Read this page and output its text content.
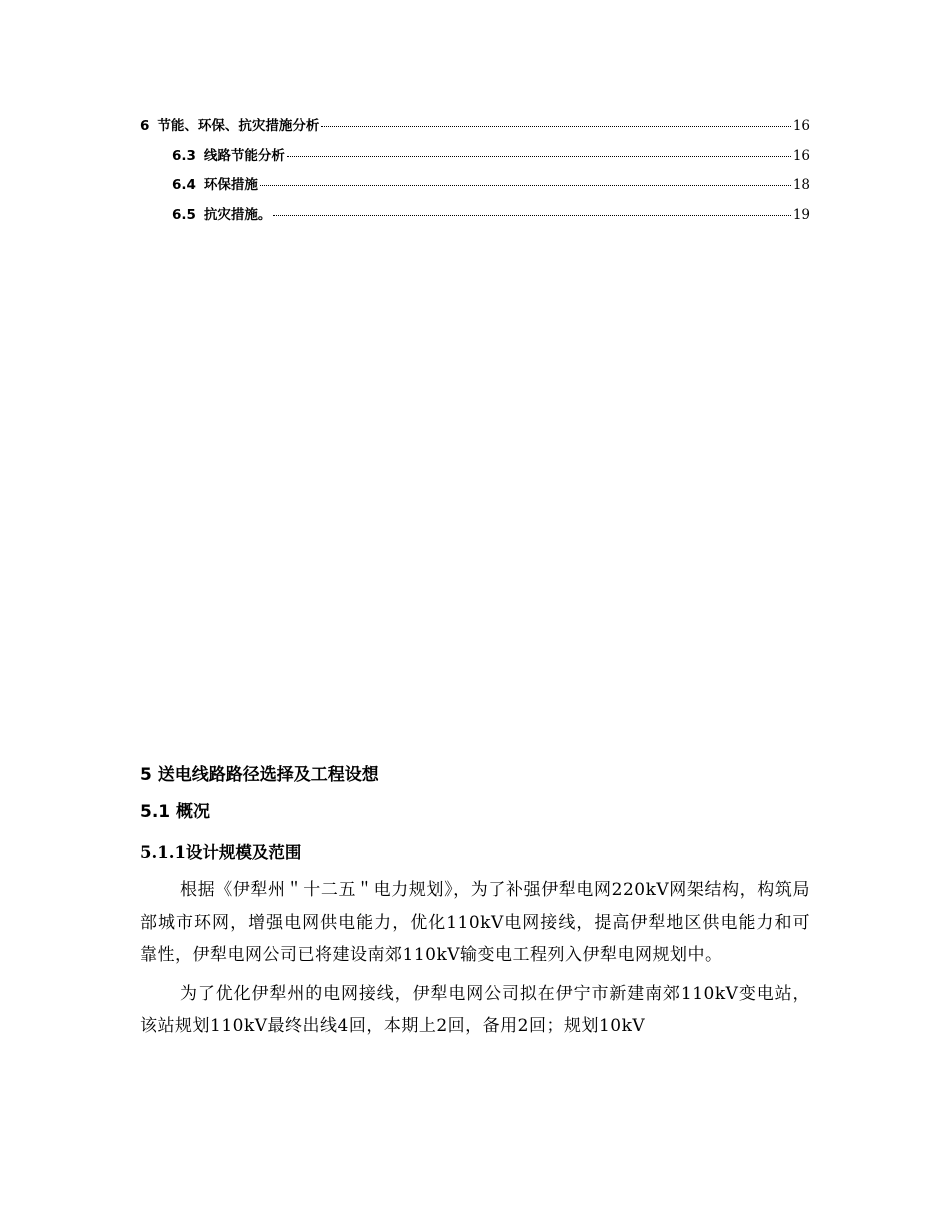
6 节能、环保、抗灾措施分析	16
6.3 线路节能分析	16
6.4 环保措施	18
6.5 抗灾措施。	19
5 送电线路路径选择及工程设想
5.1 概况
5.1.1设计规模及范围

根据《伊犁州＂十二五＂电力规划》，为了补强伊犁电网220kV网架结构，构筑局部城市环网，增强电网供电能力，优化110kV电网接线，提高伊犁地区供电能力和可靠性，伊犁电网公司已将建设南郊110kV输变电工程列入伊犁电网规划中。

为了优化伊犁州的电网接线，伊犁电网公司拟在伊宁市新建南郊110kV变电站，该站规划110kV最终出线4回，本期上2回，备用2回；规划10kV
